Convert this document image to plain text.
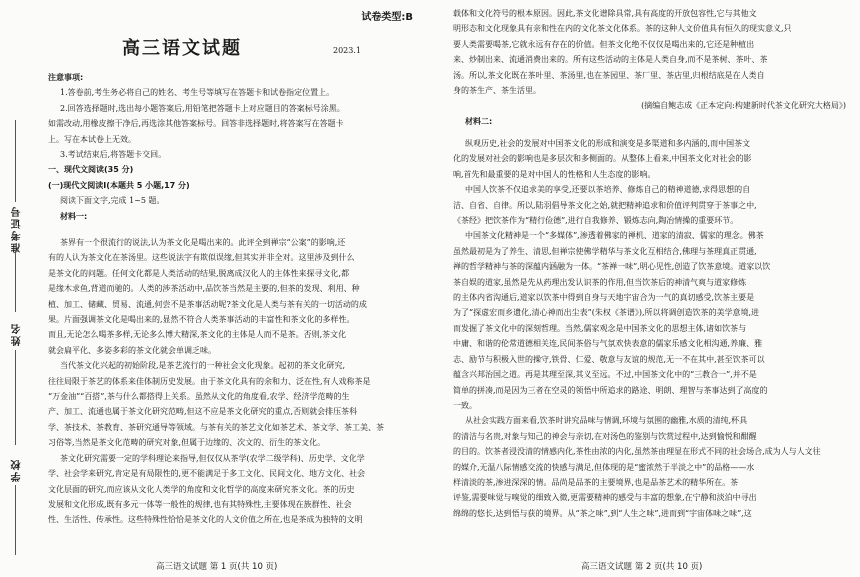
准考证号
姓名
学校
试卷类型:B
高三语文试题	2023.1
注意事项:
1.答卷前,考生务必将自己的姓名、考生号等填写在答题卡和试卷指定位置上。
2.回答选择题时,选出每小题答案后,用铅笔把答题卡上对应题目的答案标号涂黑。
如需改动,用橡皮擦干净后,再选涂其他答案标号。回答非选择题时,将答案写在答题卡
上。写在本试卷上无效。
3.考试结束后,将答题卡交回。
一、现代文阅读(35 分)
(一)现代文阅读Ⅰ(本题共 5 小题,17 分)
阅读下面文字,完成 1~5 题。
材料一:
茶界有一个很流行的说法,认为茶文化是喝出来的。此评全到禅宗“公案”的影响,还
有的人认为茶文化在茶汤里。这些说法字有欺似误缘,但其实并非全对。这里涉及到什么
是茶文化的问题。任何文化都是人类活动的结果,脱离成汉化人的主体性来探寻文化,都
是缘木求鱼,背道而驰的。人类的涉茶活动中,品饮茶当然是主要的,但茶的发现、利用、种
植、加工、储藏、贸易、流通,何尝不是茶事活动呢?茶文化是人类与茶有关的一切活动的成
果。片面强调茶文化是喝出来的,显然不符合人类茶事活动的丰富性和茶文化的多样性。
而且,无论怎么喝茶多样,无论多么博大精深,茶文化的主体是人而不是茶。否则,茶文化
就会扁平化、多姿多彩的茶文化就会单调乏味。
当代茶文化兴起的初始阶段,是茶艺流行的一种社会文化现象。起初的茶文化研究,
往往局限于茶艺的体系来佳体制历史发展。由于茶文化具有的余和力、泛在性,有人戏称茶是
“万金油”“百搭”,茶与什么都搭得上关系。虽然从文化的角度看,农学、经济学范畴的生
产、加工、流通也属于茶文化研究范畴,但这不应是茶文化研究的重点,否则就会排压茶科
学、茶技术、茶教育、茶研究通导等领域。与茶有关的茶艺文化如茶艺术、茶文学、茶工美、茶
习俗等,当然是茶文化范畴的研究对象,但属于边缘的、次文的、衍生的茶文化。
茶文化研究需要一定的学科理论来指导,但仅仅从茶学(农学二级学科)、历史学、文化学
学、社会学来研究,肯定是有局限性的,更不能满足于多工文化、民间文化、地方文化、社会
文化层面的研究,而应该从文化人类学的角度和文化哲学的高度来研究茶文化。茶的历史
发展和文化形成,既有多元一体等一般性的规律,也有其特殊性,主要体现在族群性、社会
性、生活性、传承性。这些特殊性恰恰是茶文化的人文价值之所在,也是茶成为独特的文明
高三语文试题 第 1 页(共 10 页)
载体和文化符号的根本原因。因此,茶文化谱除具常,具有高度的开放包容性,它与其他文
明形态和文化现象具有亲和性在内的文化茶文化体系。茶的这种人文价值具有恒久的现实意义,只
要人类需要喝茶,它就永远有存在的价值。但茶文化绝不仅仅是喝出来的,它还是种植出
来、炒制出来、流通消费出来的。所有这些活动的主体是人类自身,而不是茶树、茶叶、茶
汤。所以,茶文化既在茶叶里、茶汤里,也在茶园里、茶厂里、茶店里,归根结底是在人类自
身的茶生产、茶生活里。
(摘编自鲍志成《正本定向:构建新时代茶文化研究大格局》)
材料二:
纵观历史,社会的发展对中国茶文化的形成和演变是多渠道和多内涵的,而中国茶文
化的发展对社会的影响也是多层次和多侧面的。从整体上看来,中国茶文化对社会的影
响,首先和最重要的是对中国人的性格和人生态度的影响。
中国人饮茶不仅追求美的享受,还要以茶培养、修炼自己的精神道德,求得思想的自
洁、自省、自律。所以,陆羽倡导茶文化之始,就把精神追求和价值评判贯穿于茶事之中,
《茶经》把饮茶作为“精行俭德”,进行自我修养、锻炼志向,陶冶情操的重要环节。
中国茶文化精神是一个“多媒体”,渗透着佛家的禅机、道家的清寂、儒家的理念。佛茶
虽然最初是为了养生、清思,但禅宗使佛学精华与茶文化互相结合,佛理与茶理真正贯通,
禅的哲学精神与茶的深蕴内涵融为一体。“茶禅一味”,明心见性,创造了饮茶意境。道家以饮
茶自娱的道家,虽然是先从药理出发认识茶的作用,但当饮茶后的神清气爽与道家修炼
的主体内省沟通后,道家以饮茶中得到自身与天地宇宙合为一气的真切感受,饮茶主要是
为了“探虚宏而乡遗化,清心神而出尘表”(朱权《茶谱》),所以将调创造饮茶的美学意境,进
而发掘了茶文化中的深刻哲理。当然,儒家观念是中国茶文化的思想主体,诸如饮茶与
中庸、和谐的伦常道德相关连,民间茶俗与气氛欢快表意的儒家乐感文化相沟通,养廉、雅
志、励节与积极入世的操守,铁骨、仁爱、敬意与友谊的规范,无一不在其中,甚至饮茶可以
蕴含兴邦治国之道。再是其理至深,其义至远。不过,中国茶文化中的“三教合一”,并不是
简单的拼凑,而是因为三者在空灵的领悟中所追求的路途、明朗、理智与茶事达到了高度的
一致。
从社会实践方面来看,饮茶时讲究品味与情调,环境与氛围的幽雅,水质的清纯,杯具
的清洁与名贵,对象与知己的神会与亲切,在对汤色的鉴别与饮赏过程中,达到愉悦和酣醒
的目的。饮茶者浸没清的情感内化,茶性由浓的内化,虽然茶由理显在形式不同的社会场合,成为人与人文往
的媒介,无温八际情感交流的快感与满足,但体现的是“蜜浓然于半淡之中”的品格——水
样清淡的茶,渗进深深的情。品尚是品茶的主要境界,也是品茶艺术的精华所在。茶
评鉴,需要味觉与嗅觉的细致入微,更需要精神的感受与丰富的想象,在宁静和淡泊中寻出
绵绵的悠长,达到悟与获的境界。从“茶之味”,到“人生之味”,进而到“宇宙体味之味”,这
高三语文试题 第 2 页(共 10 页)
